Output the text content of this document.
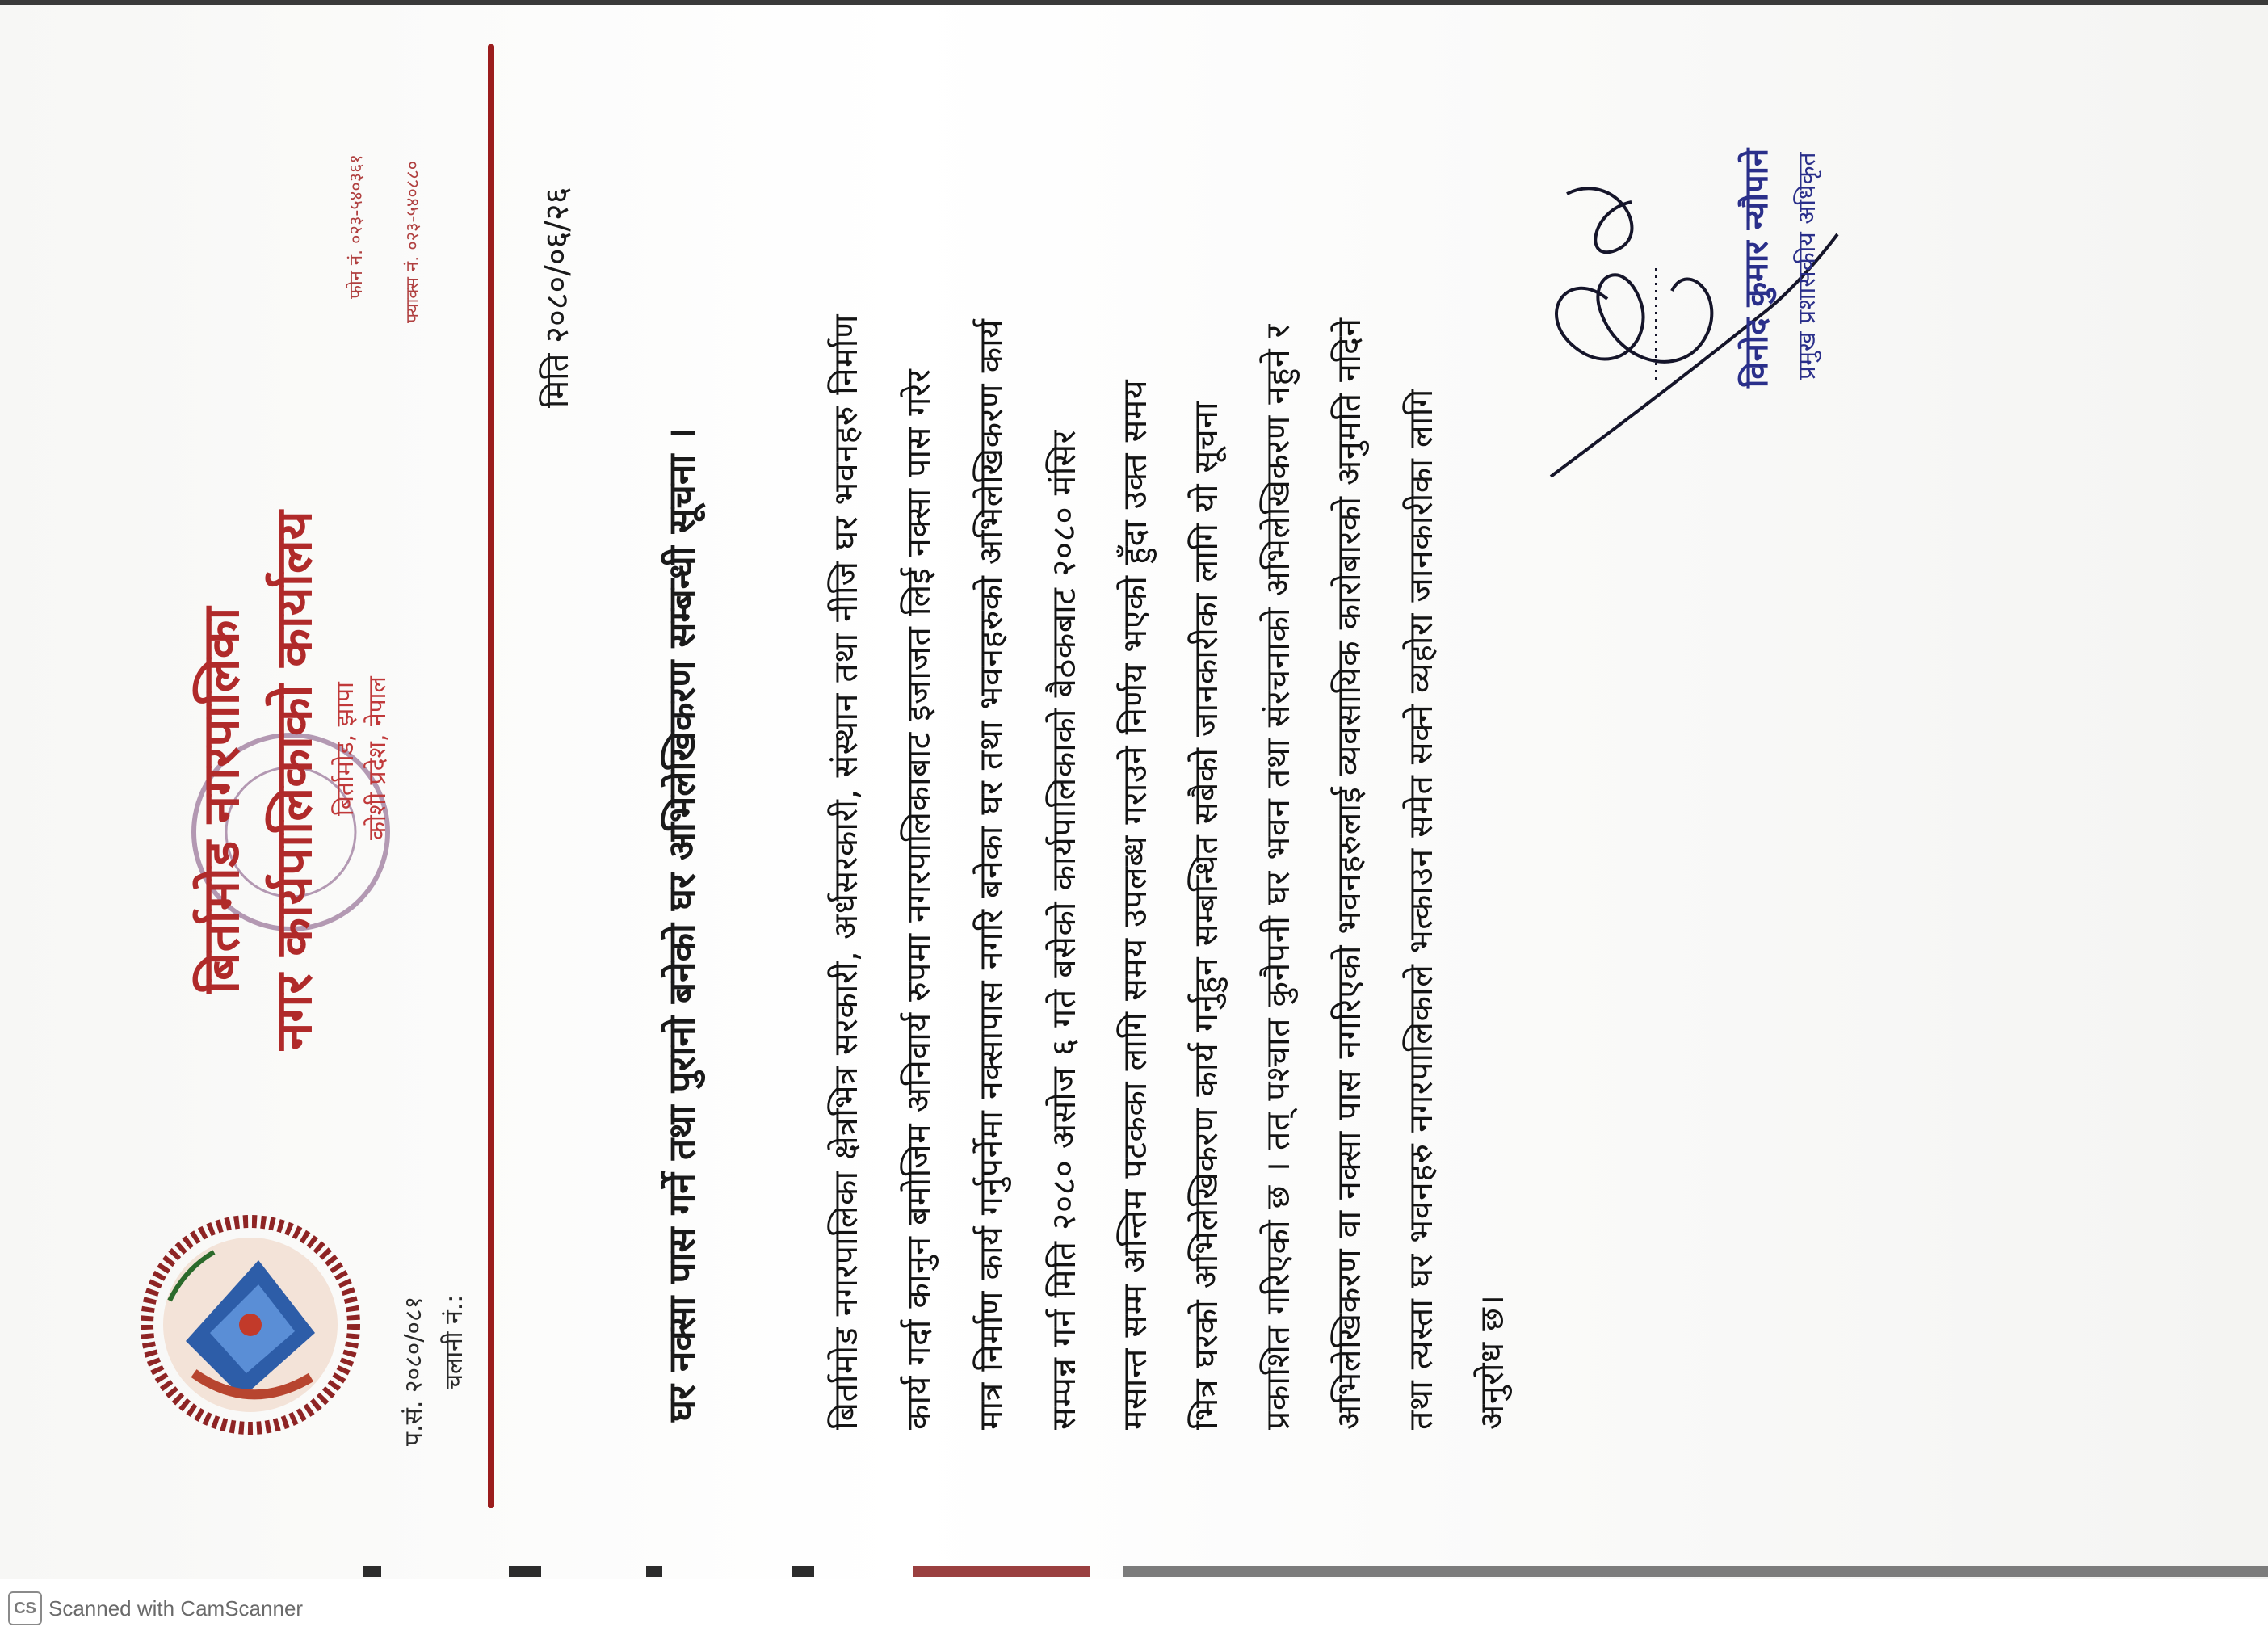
बिर्तामोड नगरपालिका नगर कार्यपालिकाको कार्यालय बिर्तामोड, झापा कोशी प्रदेश, नेपाल
फोन नं. ०२३-५४०३६१ फ्याक्स नं. ०२३-५४०८८०
प.सं. २०८०/०८१ चलानी नं.:
मिति २०८०/०६/२६
घर नक्सा पास गर्ने तथा पुरानो बनेको घर अभिलेखिकरण सम्बन्धी सूचना ।	बिर्तामोड नगरपालिका क्षेत्रभित्र सरकारी, अर्धसरकारी, संस्थान तथा नीजि घर भवनहरु निर्माण कार्य गर्दा कानुन बमोजिम अनिवार्य रुपमा नगरपालिकाबाट इजाजत लिई नक्सा पास गरेर मात्र निर्माण कार्य गर्नुपर्नेमा नक्सापास नगरि बनेका घर तथा भवनहरुको अभिलेखिकरण कार्य सम्पन्न गर्न मिति २०८० असोज ६ गते बसेको कार्यपालिकाको बैठकबाट २०८० मंसिर मसान्त सम्म अन्तिम पटकका लागि समय उपलब्ध गराउने निर्णय भएको हुँदा उक्त समय भित्र घरको अभिलेखिकरण कार्य गर्नुहुन सम्बन्धित सबैको जानकारीका लागि यो सूचना प्रकाशित गरिएको छ । तत् पश्चात कुनैपनी घर भवन तथा संरचनाको अभिलेखिकरण नहुने र अभिलेखिकरण वा नक्सा पास नगरिएको भवनहरुलाई व्यवसायिक कारोबारको अनुमति नदिने तथा त्यस्ता घर भवनहरु नगरपालिकाले भत्काउन समेत सक्ने व्यहोरा जानकारीका लागि अनुरोध छ।
विनोद कुमार न्यौपाने प्रमुख प्रशासकीय अधिकृत
CS Scanned with CamScanner
